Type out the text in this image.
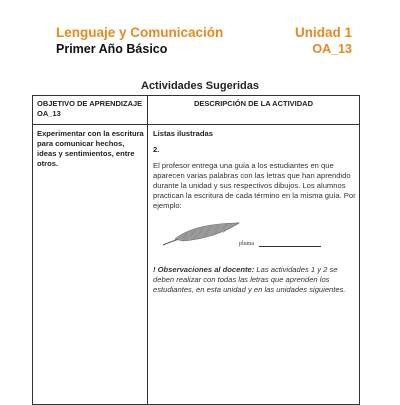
Lenguaje y Comunicación
Primer Año Básico
Unidad 1
OA_13
Actividades Sugeridas
OBJETIVO DE APRENDIZAJE OA_13
DESCRIPCIÓN DE LA ACTIVIDAD
Experimentar con la escritura para comunicar hechos, ideas y sentimientos, entre otros.
Listas ilustradas
2.
El profesor entrega una guía a los estudiantes en que aparecen varias palabras con las letras que han aprendido durante la unidad y sus respectivos dibujos. Los alumnos practican la escritura de cada término en la misma guía. Por ejemplo:
pluma
! Observaciones al docente: Las actividades 1 y 2 se deben realizar con todas las letras que aprenden los estudiantes, en esta unidad y en las unidades siguientes.
